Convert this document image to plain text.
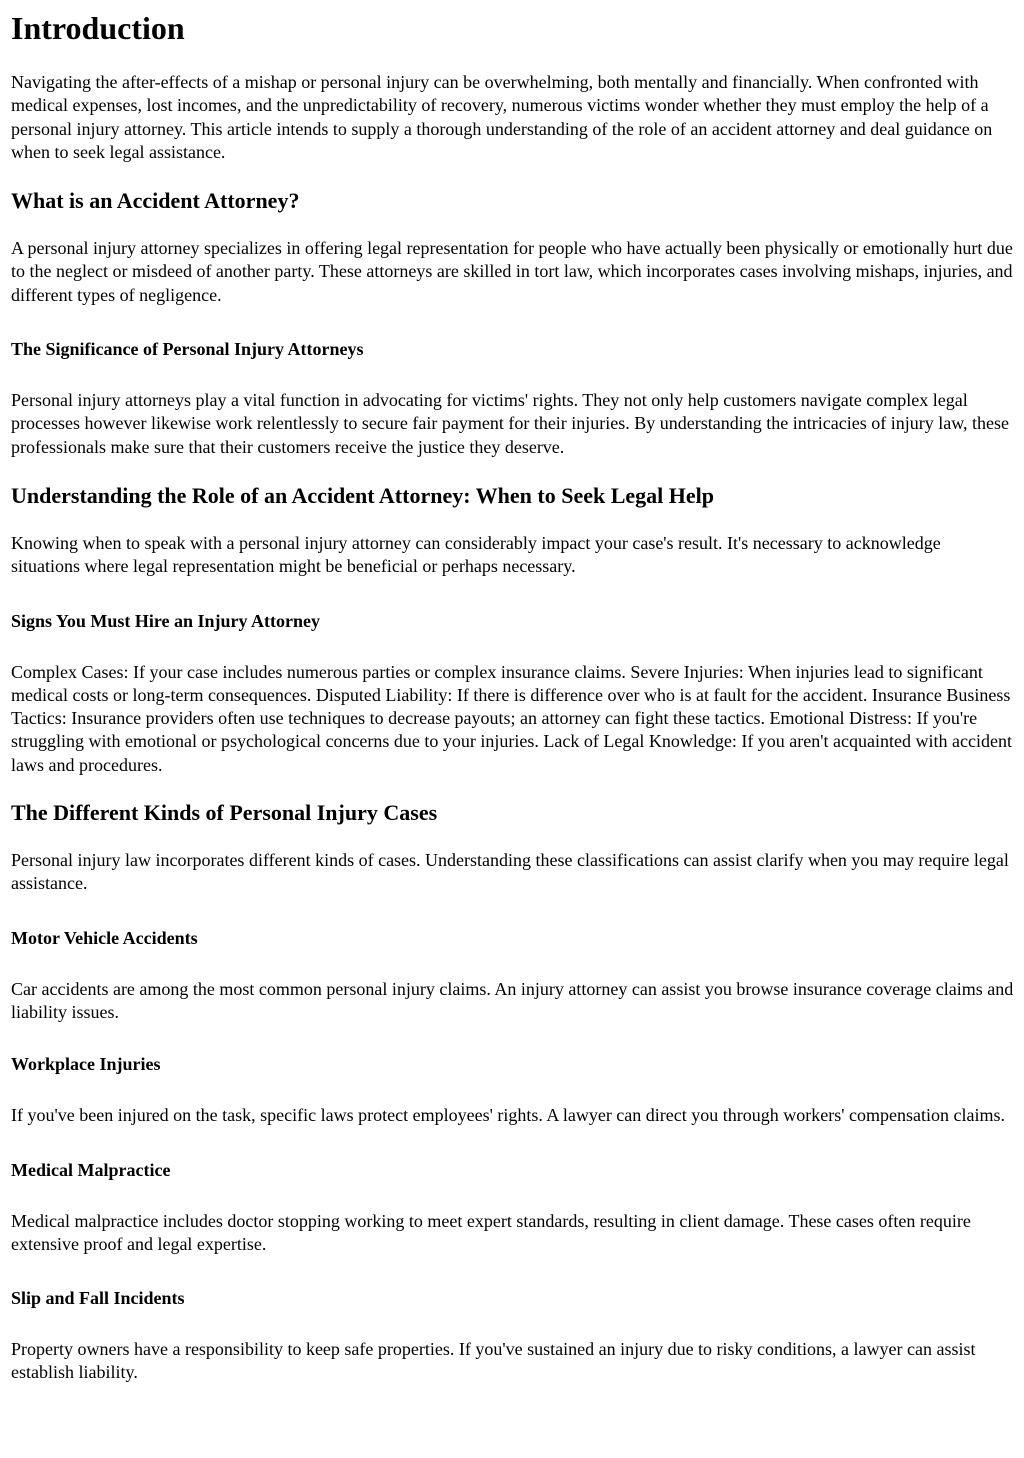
Introduction

Navigating the after-effects of a mishap or personal injury can be overwhelming, both mentally and financially. When confronted with medical expenses, lost incomes, and the unpredictability of recovery, numerous victims wonder whether they must employ the help of a personal injury attorney. This article intends to supply a thorough understanding of the role of an accident attorney and deal guidance on when to seek legal assistance.

What is an Accident Attorney?

A personal injury attorney specializes in offering legal representation for people who have actually been physically or emotionally hurt due to the neglect or misdeed of another party. These attorneys are skilled in tort law, which incorporates cases involving mishaps, injuries, and different types of negligence.

The Significance of Personal Injury Attorneys

Personal injury attorneys play a vital function in advocating for victims' rights. They not only help customers navigate complex legal processes however likewise work relentlessly to secure fair payment for their injuries. By understanding the intricacies of injury law, these professionals make sure that their customers receive the justice they deserve.

Understanding the Role of an Accident Attorney: When to Seek Legal Help

Knowing when to speak with a personal injury attorney can considerably impact your case's result. It's necessary to acknowledge situations where legal representation might be beneficial or perhaps necessary.

Signs You Must Hire an Injury Attorney

Complex Cases: If your case includes numerous parties or complex insurance claims. Severe Injuries: When injuries lead to significant medical costs or long-term consequences. Disputed Liability: If there is difference over who is at fault for the accident. Insurance Business Tactics: Insurance providers often use techniques to decrease payouts; an attorney can fight these tactics. Emotional Distress: If you're struggling with emotional or psychological concerns due to your injuries. Lack of Legal Knowledge: If you aren't acquainted with accident laws and procedures.

The Different Kinds of Personal Injury Cases

Personal injury law incorporates different kinds of cases. Understanding these classifications can assist clarify when you may require legal assistance.

Motor Vehicle Accidents

Car accidents are among the most common personal injury claims. An injury attorney can assist you browse insurance coverage claims and liability issues.

Workplace Injuries

If you've been injured on the task, specific laws protect employees' rights. A lawyer can direct you through workers' compensation claims.

Medical Malpractice

Medical malpractice includes doctor stopping working to meet expert standards, resulting in client damage. These cases often require extensive proof and legal expertise.

Slip and Fall Incidents

Property owners have a responsibility to keep safe properties. If you've sustained an injury due to risky conditions, a lawyer can assist establish liability.
